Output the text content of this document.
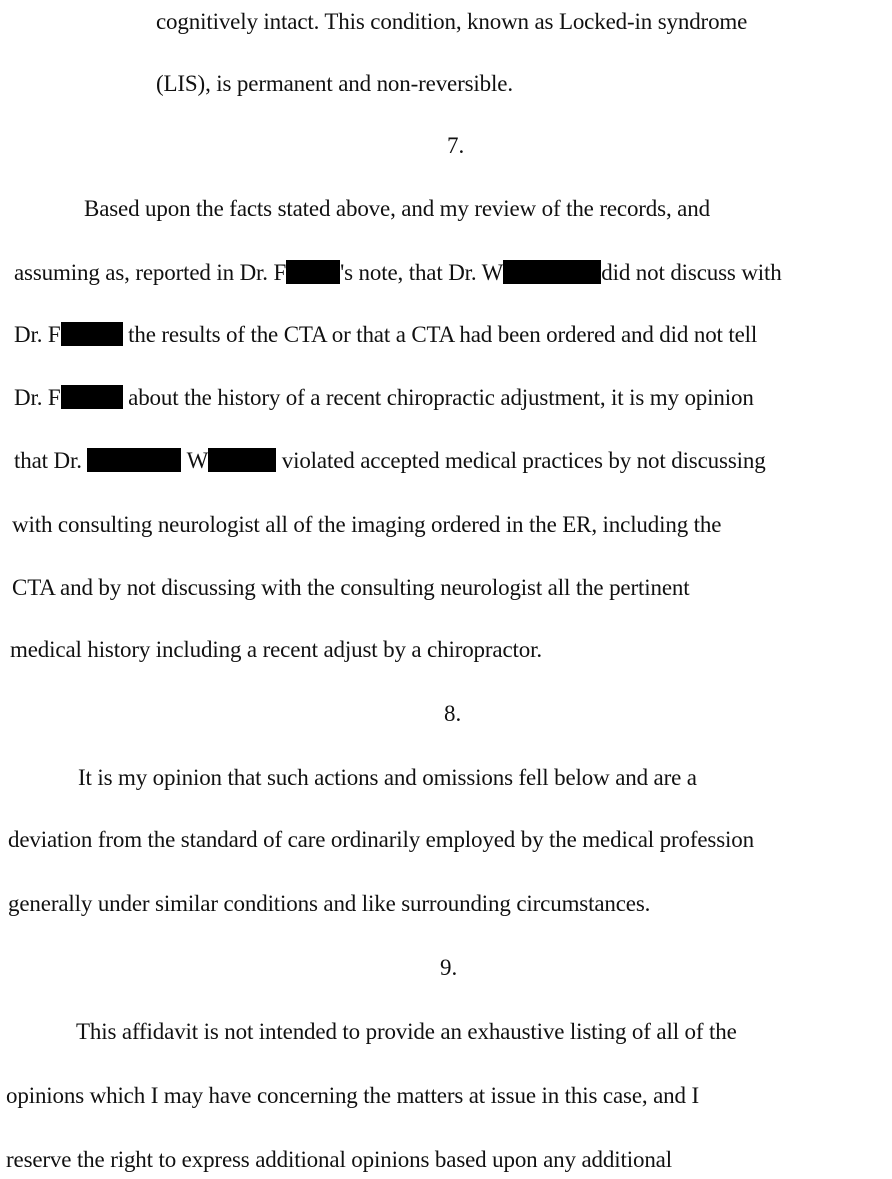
cognitively intact. This condition, known as Locked-in syndrome
(LIS), is permanent and non-reversible.
7.
Based upon the facts stated above, and my review of the records, and
assuming as, reported in Dr. F 's note, that Dr. W	did not discuss with
Dr. F	the results of the CTA or that a CTA had been ordered and did not tell
Dr. F	about the history of a recent chiropractic adjustment, it is my opinion
that Dr.	W	violated accepted medical practices by not discussing
with consulting neurologist all of the imaging ordered in the ER, including the
CTA and by not discussing with the consulting neurologist all the pertinent
medical history including a recent adjust by a chiropractor.
8.
It is my opinion that such actions and omissions fell below and are a
deviation from the standard of care ordinarily employed by the medical profession
generally under similar conditions and like surrounding circumstances.
9.
This affidavit is not intended to provide an exhaustive listing of all of the
opinions which I may have concerning the matters at issue in this case, and I
reserve the right to express additional opinions based upon any additional
